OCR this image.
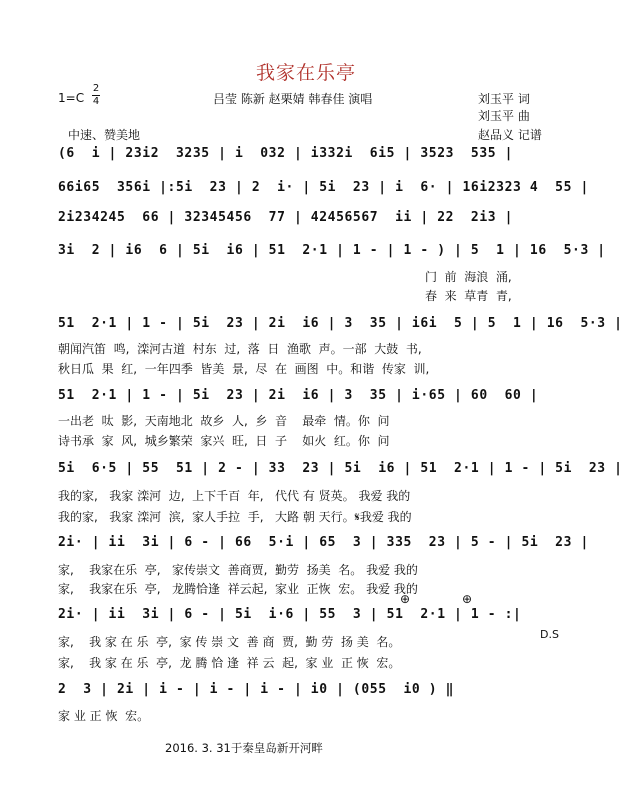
我家在乐亭
1=C
2
4	吕莹 陈新 赵栗婧 韩春佳 演唱	刘玉平 词
刘玉平 曲
中速、赞美地	赵品义 记谱
(6  i | 23i2  3235 | i  032 | i332i  6i5 | 3523  535 |
66i65  356i |:5i  23 | 2  i· | 5i  23 | i  6· | 16i2323 4  55 |
2i234245  66 | 32345456  77 | 42456567  ii | 22  2i3 |
3i  2 | i6  6 | 5i  i6 | 51  2·1 | 1 - | 1 - ) | 5  1 | 16  5·3 |
门  前  海浪  涌,
春  来  草青  青,
51  2·1 | 1 - | 5i  23 | 2i  i6 | 3  35 | i6i  5 | 5  1 | 16  5·3 |
朝闻汽笛  鸣,  滦河古道  村东  过,  落  日  渔歌  声。一部  大鼓  书,
秋日瓜  果  红,  一年四季  皆美  景,  尽  在  画图  中。和谐  传家  训,
51  2·1 | 1 - | 5i  23 | 2i  i6 | 3  35 | i·65 | 60  60 |
一出老  呔  影,  天南地北  故乡  人,  乡  音    最牵  情。你  问
诗书承  家  风,  城乡繁荣  家兴  旺,  日  子    如火  红。你  问
5i  6·5 | 55  51 | 2 - | 33  23 | 5i  i6 | 51  2·1 | 1 - | 5i  23 |
我的家,   我家 滦河  边,  上下千百  年,   代代 有 贤英。 我爱 我的
我的家,   我家 滦河  滨,  家人手拉  手,   大路 朝 天行。𝄋我爱 我的
2i· | ii  3i | 6 - | 66  5·i | 65  3 | 335  23 | 5 - | 5i  23 |
家,    我家在乐  亭,   家传崇文  善商贾,  勤劳  扬美  名。 我爱 我的
家,    我家在乐  亭,   龙腾恰逢  祥云起,  家业  正恢  宏。 我爱 我的
⊕	⊕
2i· | ii  3i | 6 - | 5i  i·6 | 55  3 | 51  2·1 | 1 - :|
D.S
家,    我 家 在 乐  亭,  家 传 崇 文  善 商  贾,  勤 劳  扬 美  名。
家,    我 家 在 乐  亭,  龙 腾 恰 逢  祥 云  起,  家 业  正 恢  宏。
2  3 | 2i | i - | i - | i - | i0 | (055  i0 ) ‖
家 业 正 恢  宏。
2016. 3. 31于秦皇岛新开河畔
